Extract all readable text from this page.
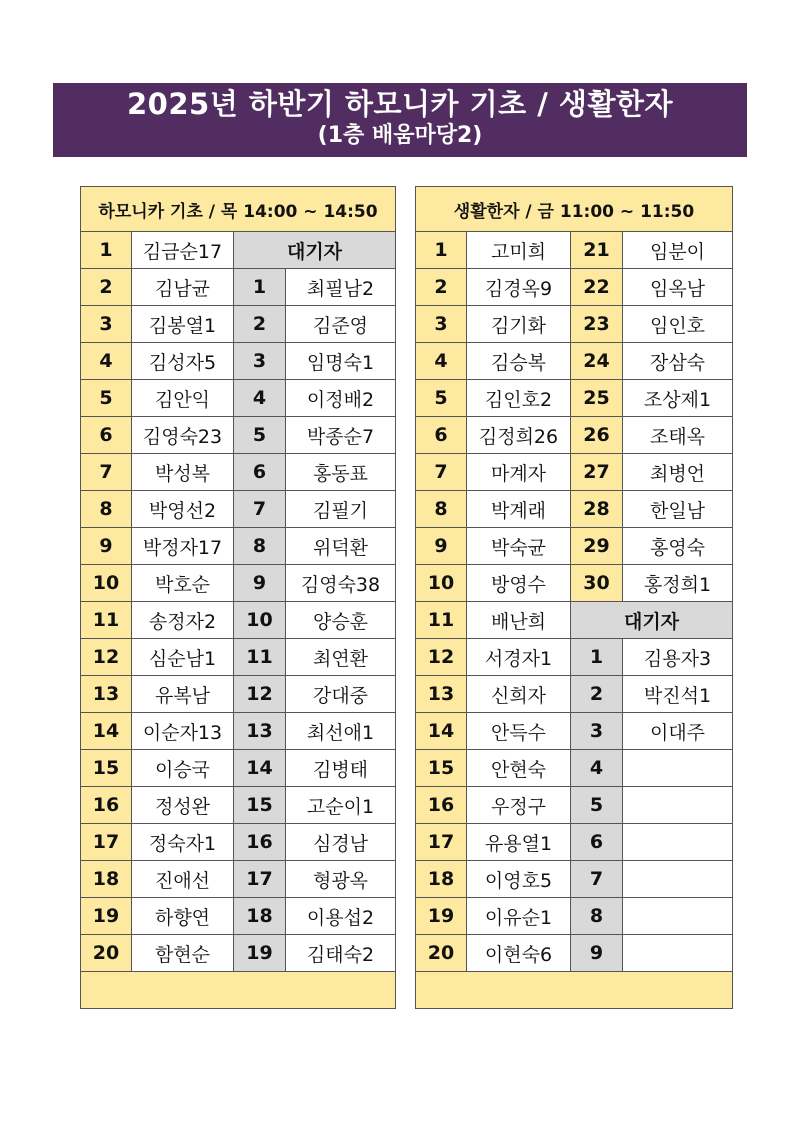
2025년 하반기 하모니카 기초 / 생활한자
(1층 배움마당2)
하모니카 기초 / 목 14:00 ~ 14:50			
1	김금순17	대기자	
2	김남균	1	최필남2
3	김봉열1	2	김준영
4	김성자5	3	임명숙1
5	김안익	4	이정배2
6	김영숙23	5	박종순7
7	박성복	6	홍동표
8	박영선2	7	김필기
9	박정자17	8	위덕환
10	박호순	9	김영숙38
11	송정자2	10	양승훈
12	심순남1	11	최연환
13	유복남	12	강대중
14	이순자13	13	최선애1
15	이승국	14	김병태
16	정성완	15	고순이1
17	정숙자1	16	심경남
18	진애선	17	형광옥
19	하향연	18	이용섭2
20	함현순	19	김태숙2

생활한자 / 금 11:00 ~ 11:50			
1	고미희	21	임분이
2	김경옥9	22	임옥남
3	김기화	23	임인호
4	김승복	24	장삼숙
5	김인호2	25	조상제1
6	김정희26	26	조태옥
7	마계자	27	최병언
8	박계래	28	한일남
9	박숙균	29	홍영숙
10	방영수	30	홍정희1
11	배난희	대기자	
12	서경자1	1	김용자3
13	신희자	2	박진석1
14	안득수	3	이대주
15	안현숙	4	
16	우정구	5	
17	유용열1	6	
18	이영호5	7	
19	이유순1	8	
20	이현숙6	9	
